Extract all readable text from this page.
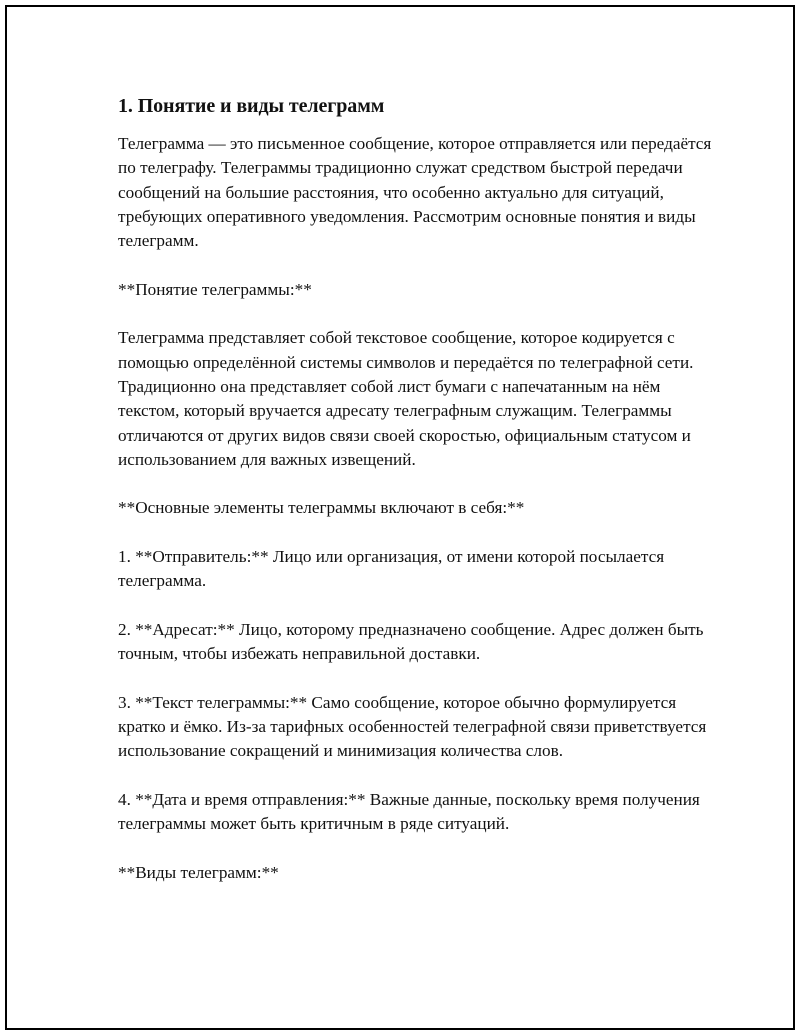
1. Понятие и виды телеграмм

Телеграмма — это письменное сообщение, которое отправляется или передаётся по телеграфу. Телеграммы традиционно служат средством быстрой передачи сообщений на большие расстояния, что особенно актуально для ситуаций, требующих оперативного уведомления. Рассмотрим основные понятия и виды телеграмм.

**Понятие телеграммы:**

Телеграмма представляет собой текстовое сообщение, которое кодируется с помощью определённой системы символов и передаётся по телеграфной сети. Традиционно она представляет собой лист бумаги с напечатанным на нём текстом, который вручается адресату телеграфным служащим. Телеграммы отличаются от других видов связи своей скоростью, официальным статусом и использованием для важных извещений.

**Основные элементы телеграммы включают в себя:**

1. **Отправитель:** Лицо или организация, от имени которой посылается телеграмма.

2. **Адресат:** Лицо, которому предназначено сообщение. Адрес должен быть точным, чтобы избежать неправильной доставки.

3. **Текст телеграммы:** Само сообщение, которое обычно формулируется кратко и ёмко. Из-за тарифных особенностей телеграфной связи приветствуется использование сокращений и минимизация количества слов.

4. **Дата и время отправления:** Важные данные, поскольку время получения телеграммы может быть критичным в ряде ситуаций.

**Виды телеграмм:**
